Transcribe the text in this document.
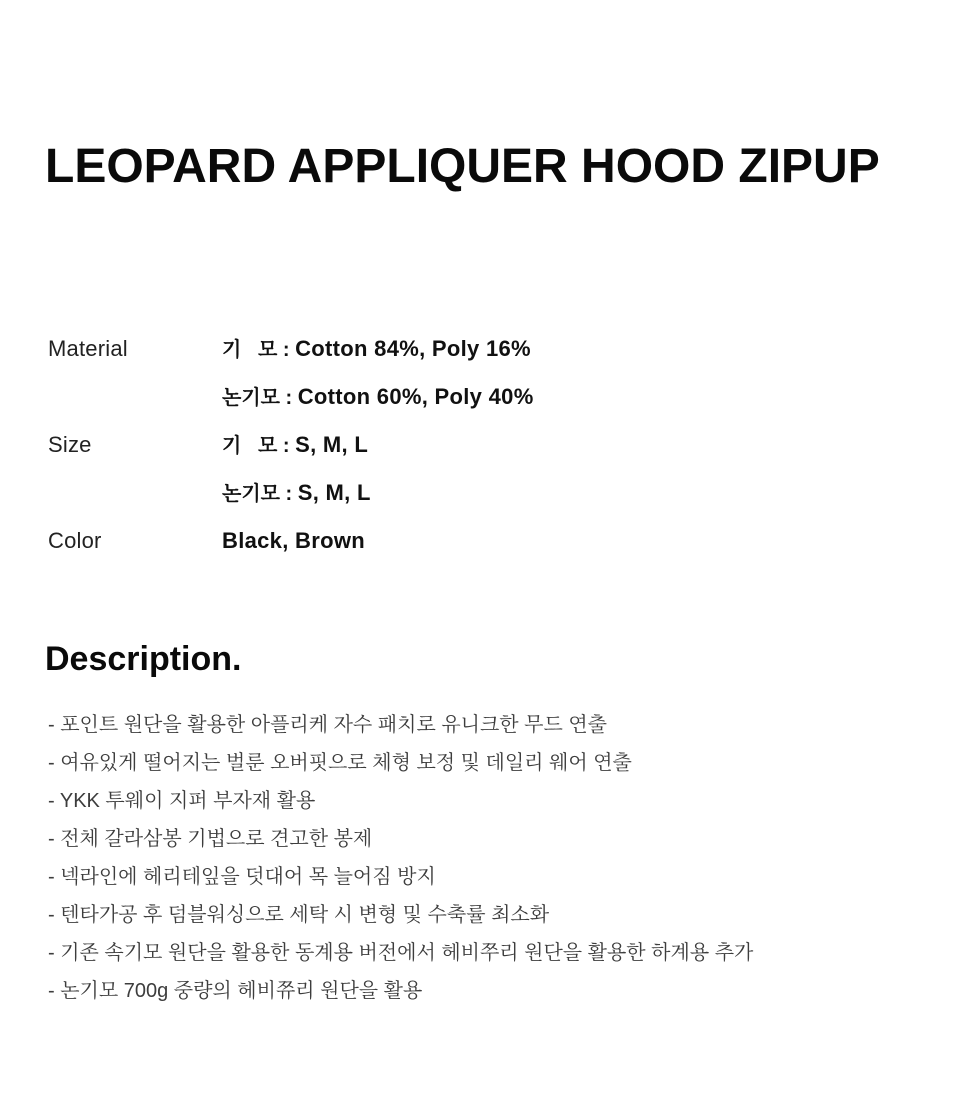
LEOPARD APPLIQUER HOOD ZIPUP
Material	기   모 : Cotton 84%, Poly 16%
논기모 : Cotton 60%, Poly 40%
Size	기   모 : S, M, L
논기모 : S, M, L
Color	Black, Brown
Description.
- 포인트 원단을 활용한 아플리케 자수 패치로 유니크한 무드 연출
- 여유있게 떨어지는 벌룬 오버핏으로 체형 보정 및 데일리 웨어 연출
- YKK 투웨이 지퍼 부자재 활용
- 전체 갈라삼봉 기법으로 견고한 봉제
- 넥라인에 헤리테잎을 덧대어 목 늘어짐 방지
- 텐타가공 후 덤블워싱으로 세탁 시 변형 및 수축률 최소화
- 기존 속기모 원단을 활용한 동계용 버전에서 헤비쭈리 원단을 활용한 하계용 추가
- 논기모 700g 중량의 헤비쮸리 원단을 활용
